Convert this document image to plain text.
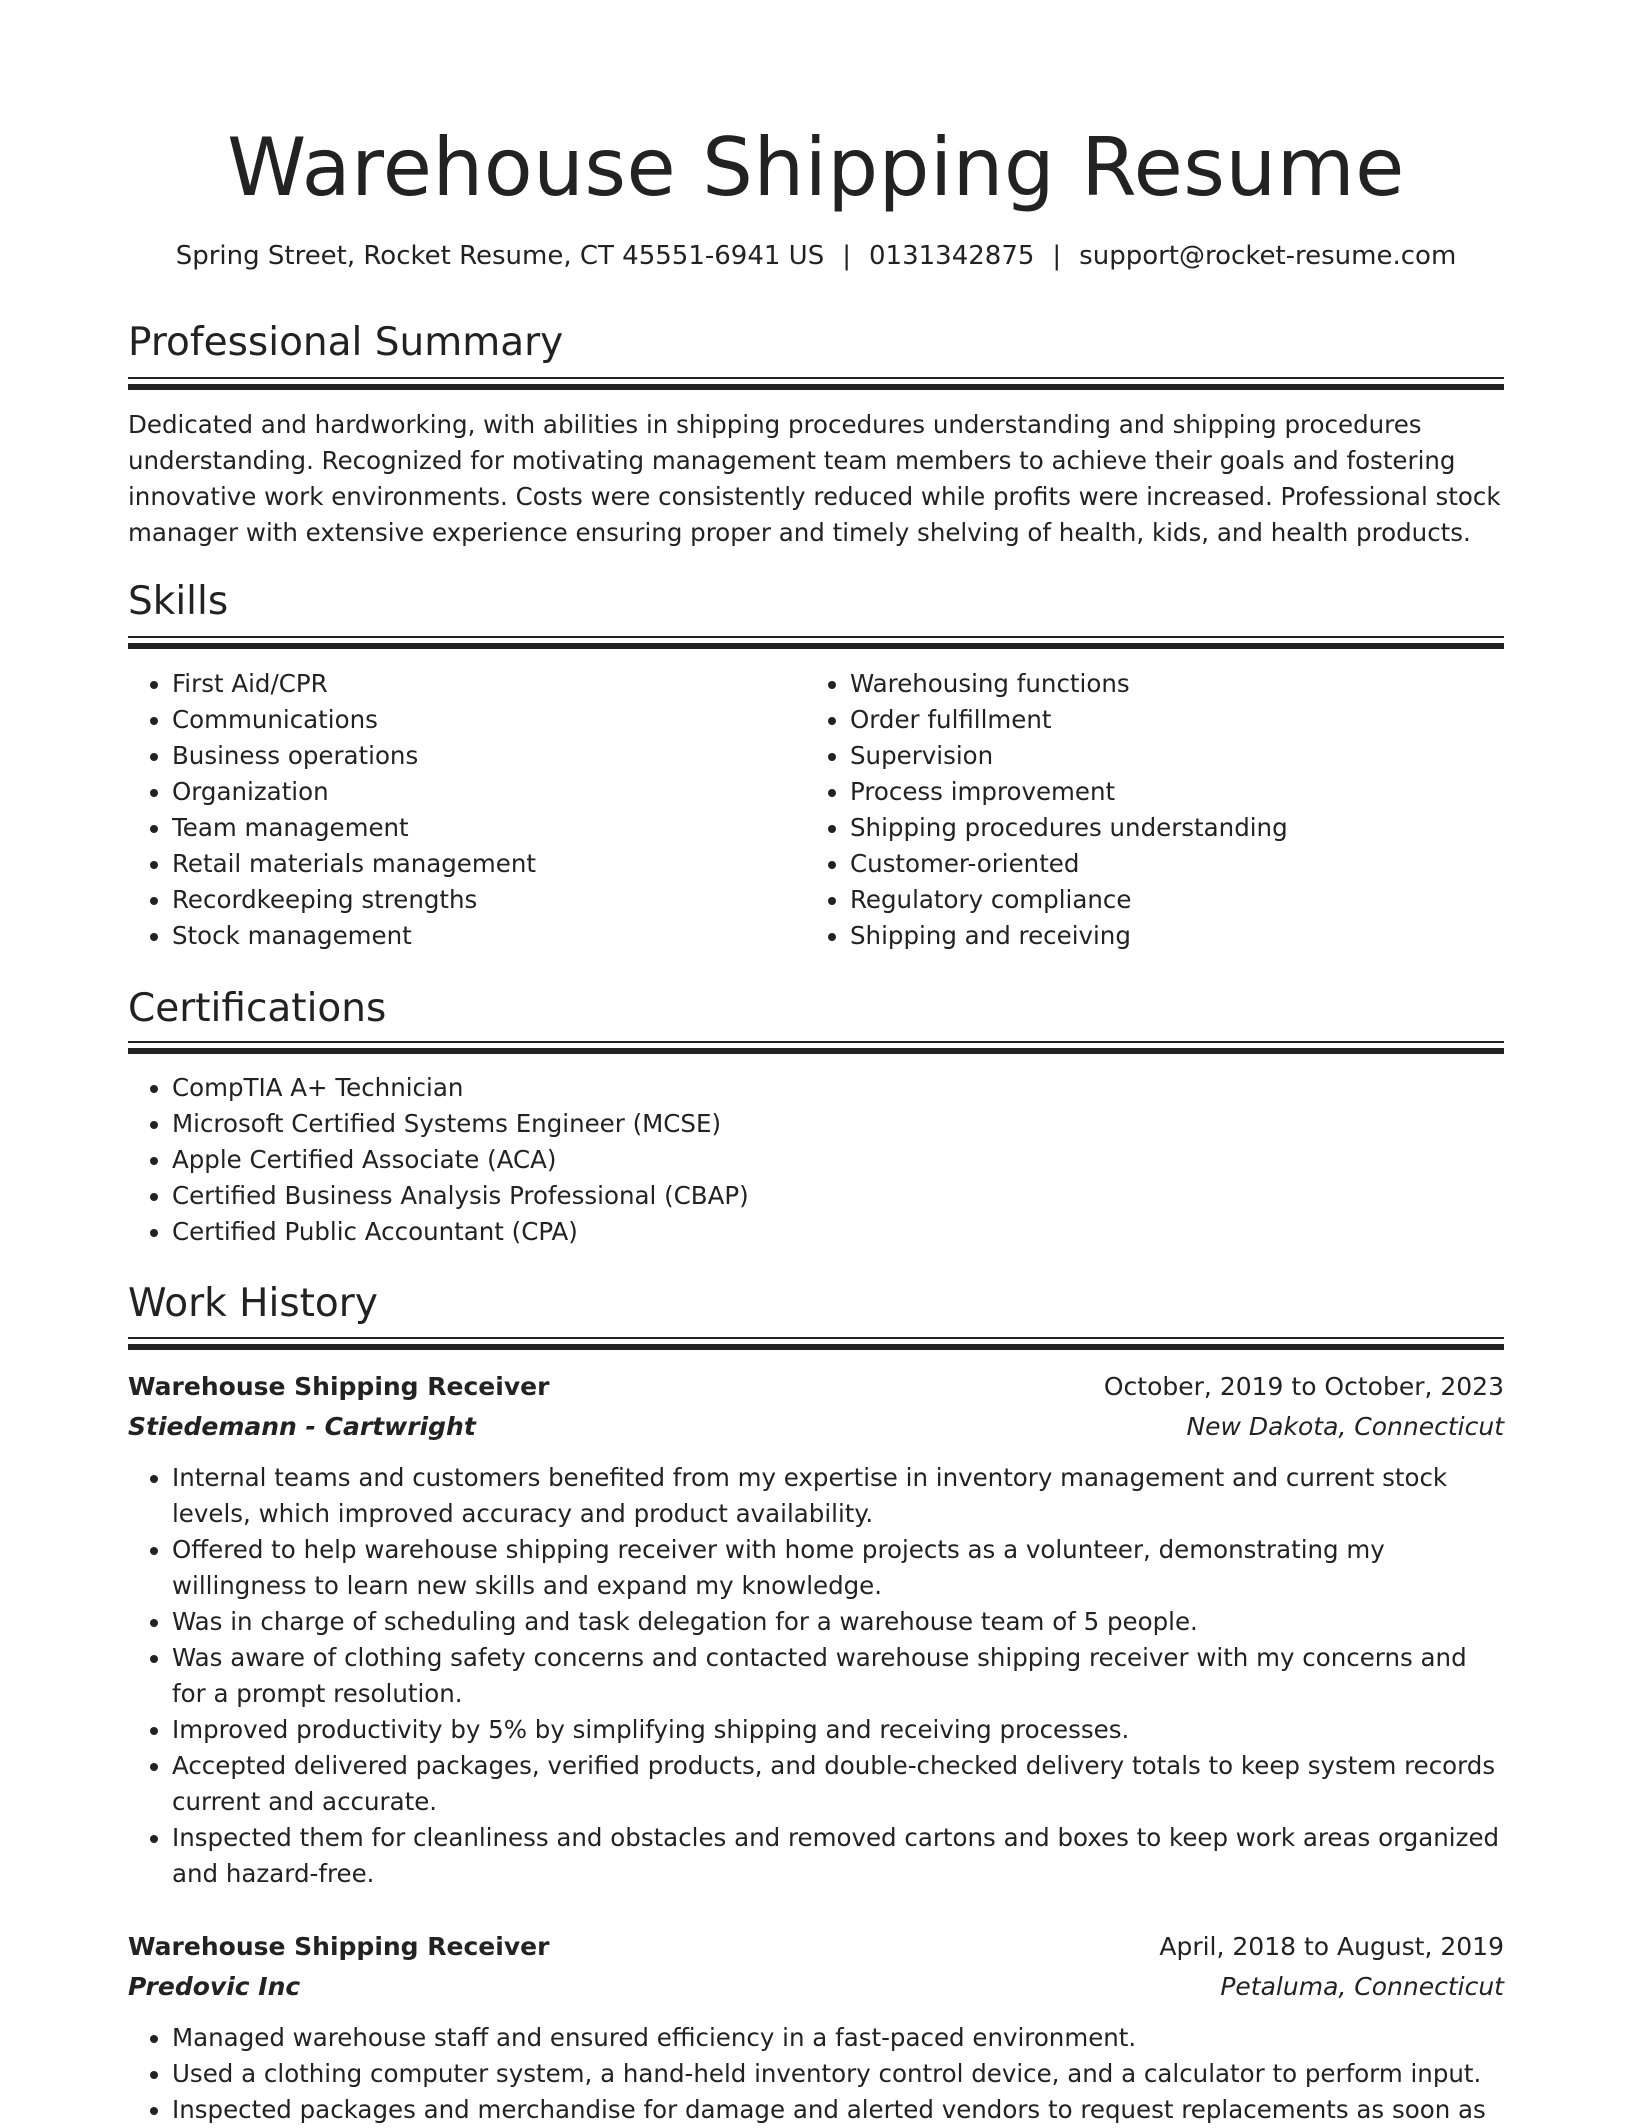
Warehouse Shipping Resume
Spring Street, Rocket Resume, CT 45551-6941 US | 0131342875 | support@rocket-resume.com
Professional Summary

Dedicated and hardworking, with abilities in shipping procedures understanding and shipping procedures understanding. Recognized for motivating management team members to achieve their goals and fostering innovative work environments. Costs were consistently reduced while profits were increased. Professional stock manager with extensive experience ensuring proper and timely shelving of health, kids, and health products.

Skills
• First Aid/CPR
• Communications
• Business operations
• Organization
• Team management
• Retail materials management
• Recordkeeping strengths
• Stock management
• Warehousing functions
• Order fulfillment
• Supervision
• Process improvement
• Shipping procedures understanding
• Customer-oriented
• Regulatory compliance
• Shipping and receiving
Certifications
• CompTIA A+ Technician
• Microsoft Certified Systems Engineer (MCSE)
• Apple Certified Associate (ACA)
• Certified Business Analysis Professional (CBAP)
• Certified Public Accountant (CPA)
Work History
Warehouse Shipping Receiver	October, 2019 to October, 2023
Stiedemann - Cartwright	New Dakota, Connecticut
• Internal teams and customers benefited from my expertise in inventory management and current stock levels, which improved accuracy and product availability.
• Offered to help warehouse shipping receiver with home projects as a volunteer, demonstrating my willingness to learn new skills and expand my knowledge.
• Was in charge of scheduling and task delegation for a warehouse team of 5 people.
• Was aware of clothing safety concerns and contacted warehouse shipping receiver with my concerns and for a prompt resolution.
• Improved productivity by 5% by simplifying shipping and receiving processes.
• Accepted delivered packages, verified products, and double-checked delivery totals to keep system records current and accurate.
• Inspected them for cleanliness and obstacles and removed cartons and boxes to keep work areas organized and hazard-free.
Warehouse Shipping Receiver	April, 2018 to August, 2019
Predovic Inc	Petaluma, Connecticut
• Managed warehouse staff and ensured efficiency in a fast-paced environment.
• Used a clothing computer system, a hand-held inventory control device, and a calculator to perform input.
• Inspected packages and merchandise for damage and alerted vendors to request replacements as soon as
